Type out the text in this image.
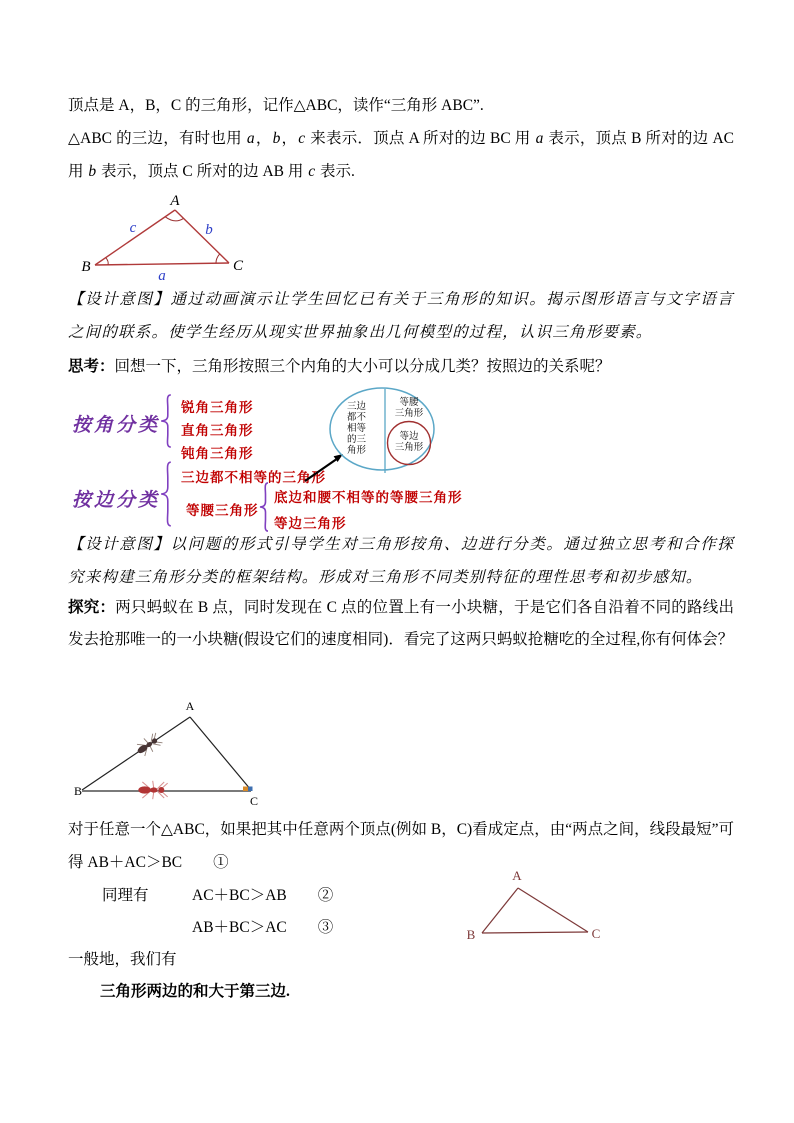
顶点是 A，B，C 的三角形，记作△ABC，读作“三角形 ABC”.

△ABC 的三边，有时也用 a，b，c 来表示．顶点 A 所对的边 BC 用 a 表示，顶点 B 所对的边 AC 用 b 表示，顶点 C 所对的边 AB 用 c 表示.

A
B	C
a
b
c

【设计意图】通过动画演示让学生回忆已有关于三角形的知识。揭示图形语言与文字语言之间的联系。使学生经历从现实世界抽象出几何模型的过程，认识三角形要素。

思考：回想一下，三角形按照三个内角的大小可以分成几类？按照边的关系呢？

按角分类
锐角三角形
直角三角形
钝角三角形
按边分类
三边都不相等的三角形
等腰三角形
底边和腰不相等的等腰三角形
等边三角形
三边都不相等的三角形
等腰
三角形
等边
三角形

【设计意图】以问题的形式引导学生对三角形按角、边进行分类。通过独立思考和合作探究来构建三角形分类的框架结构。形成对三角形不同类别特征的理性思考和初步感知。

探究：两只蚂蚁在 B 点，同时发现在 C 点的位置上有一小块糖，于是它们各自沿着不同的路线出发去抢那唯一的一小块糖(假设它们的速度相同)．看完了这两只蚂蚁抢糖吃的全过程,你有何体会？

A
B
C

对于任意一个△ABC，如果把其中任意两个顶点(例如 B，C)看成定点，由“两点之间，线段最短”可得 AB＋AC＞BC　　①

同理有	AC＋BC＞AB　　②

AB＋BC＞AC　　③

A
B	C

一般地，我们有

三角形两边的和大于第三边.
